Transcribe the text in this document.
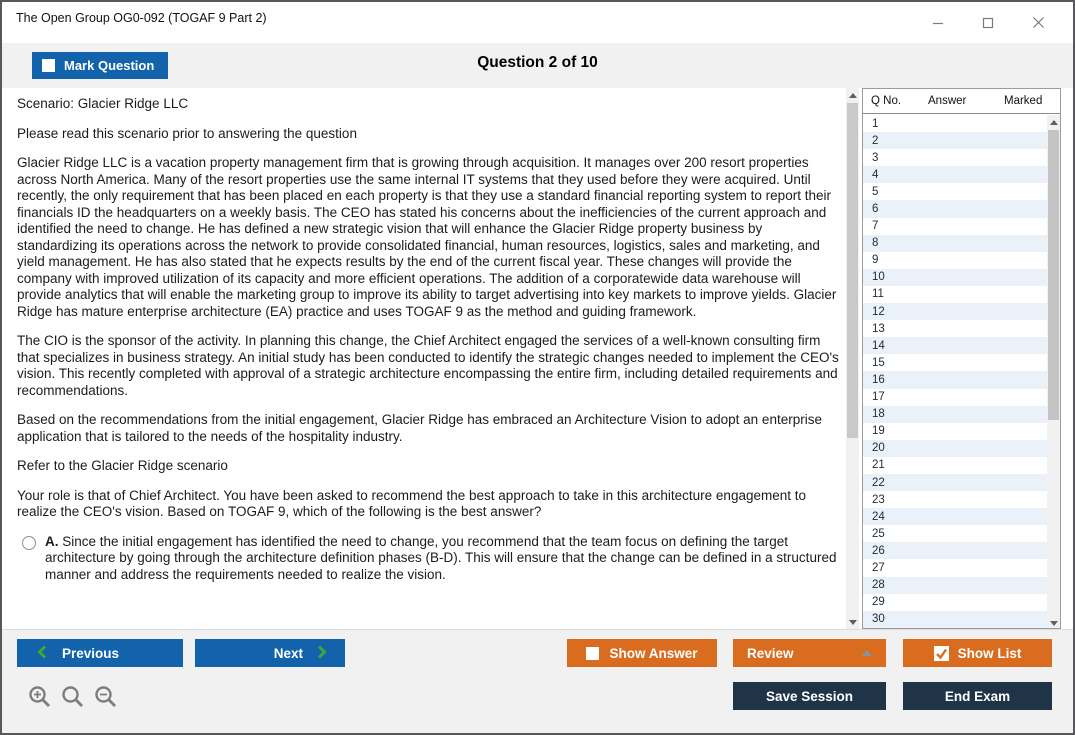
The Open Group OG0-092 (TOGAF 9 Part 2)
Mark Question	Question 2 of 10

Scenario: Glacier Ridge LLC

Please read this scenario prior to answering the question

Glacier Ridge LLC is a vacation property management firm that is growing through acquisition. It manages over 200 resort properties across North America. Many of the resort properties use the same internal IT systems that they used before they were acquired. Until recently, the only requirement that has been placed en each property is that they use a standard financial reporting system to report their financials ID the headquarters on a weekly basis. The CEO has stated his concerns about the inefficiencies of the current approach and identified the need to change. He has defined a new strategic vision that will enhance the Glacier Ridge property business by standardizing its operations across the network to provide consolidated financial, human resources, logistics, sales and marketing, and yield management. He has also stated that he expects results by the end of the current fiscal year. These changes will provide the company with improved utilization of its capacity and more efficient operations. The addition of a corporatewide data warehouse will provide analytics that will enable the marketing group to improve its ability to target advertising into key markets to improve yields. Glacier Ridge has mature enterprise architecture (EA) practice and uses TOGAF 9 as the method and guiding framework.

The CIO is the sponsor of the activity. In planning this change, the Chief Architect engaged the services of a well-known consulting firm that specializes in business strategy. An initial study has been conducted to identify the strategic changes needed to implement the CEO's vision. This recently completed with approval of a strategic architecture encompassing the entire firm, including detailed requirements and recommendations.

Based on the recommendations from the initial engagement, Glacier Ridge has embraced an Architecture Vision to adopt an enterprise application that is tailored to the needs of the hospitality industry.

Refer to the Glacier Ridge scenario

Your role is that of Chief Architect. You have been asked to recommend the best approach to take in this architecture engagement to realize the CEO's vision. Based on TOGAF 9, which of the following is the best answer?

A. Since the initial engagement has identified the need to change, you recommend that the team focus on defining the target architecture by going through the architecture definition phases (B-D). This will ensure that the change can be defined in a structured manner and address the requirements needed to realize the vision.
Q No.	Answer	Marked
1
2
3
4
5
6
7
8
9
10
11
12
13
14
15
16
17
18
19
20
21
22
23
24
25
26
27
28
29
30
Previous	Next	Show Answer	Review	Show List
Save Session	End Exam
